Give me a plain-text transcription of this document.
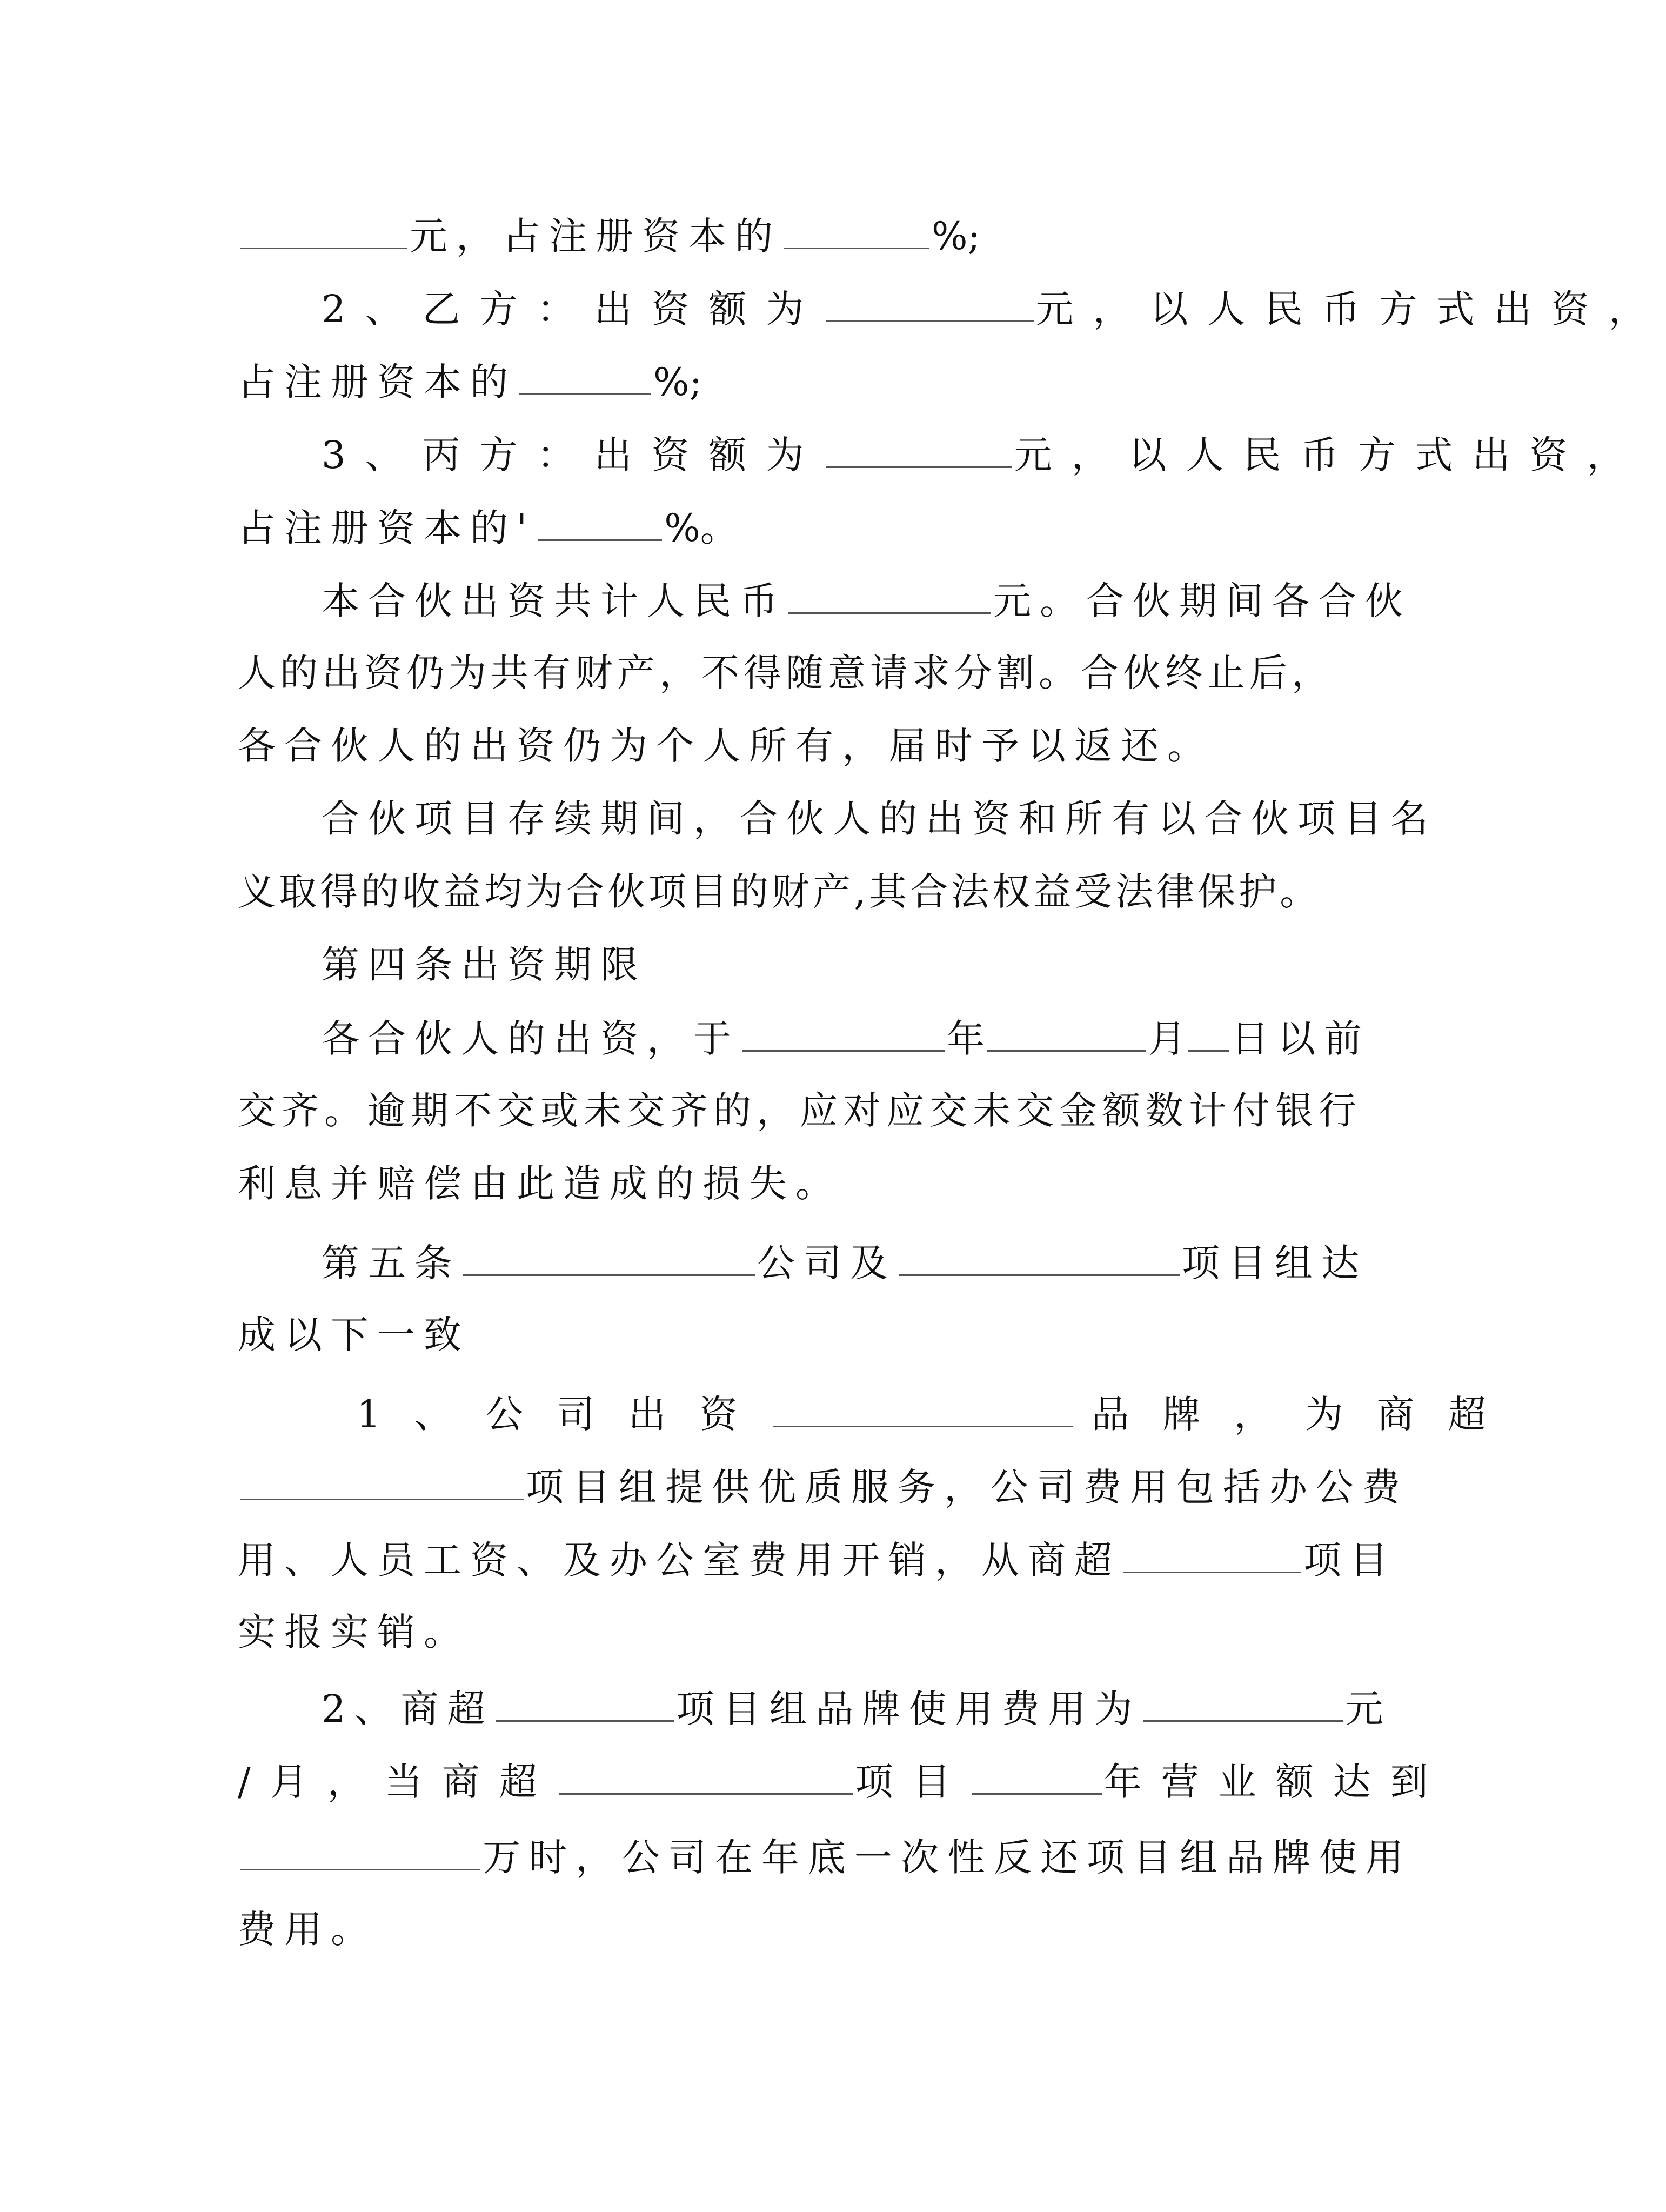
元，占注册资本的	%;
2、乙方：出资额为	元，以人民币方式出资，
占注册资本的	%;
3、丙方：出资额为	元，以人民币方式出资，
占注册资本的'	%。
本合伙出资共计人民币	元。合伙期间各合伙
人的出资仍为共有财产，不得随意请求分割。合伙终止后，
各合伙人的出资仍为个人所有，届时予以返还。
合伙项目存续期间，合伙人的出资和所有以合伙项目名
义取得的收益均为合伙项目的财产,其合法权益受法律保护。
第四条出资期限
各合伙人的出资，于	年	月 日以前
交齐。逾期不交或未交齐的，应对应交未交金额数计付银行
利息并赔偿由此造成的损失。
第五条	公司及	项目组达
成以下一致
1、公司出资	品牌，为商超
项目组提供优质服务，公司费用包括办公费
用、人员工资、及办公室费用开销，从商超	项目
实报实销。
2、商超	项目组品牌使用费用为	元
/月，当商超	项目	年营业额达到
万时，公司在年底一次性反还项目组品牌使用
费用。
